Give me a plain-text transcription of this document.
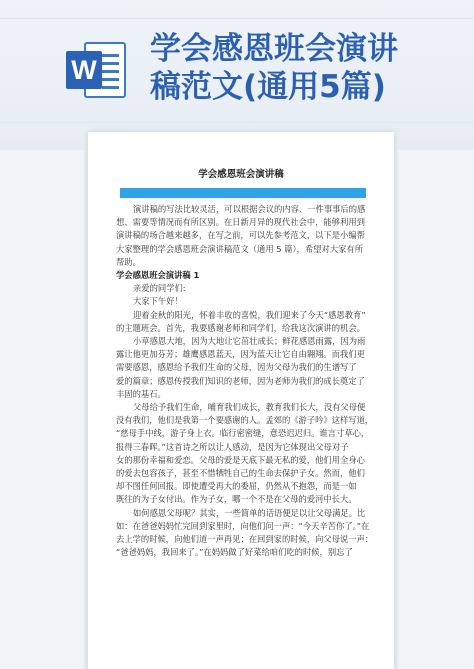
W
学会感恩班会演讲
稿范文(通用5篇)
学会感恩班会演讲稿

演讲稿的写法比较灵活，可以根据会议的内容、一件事事后的感
想、需要等情况而有所区别。在日新月异的现代社会中，能够利用到
演讲稿的场合越来越多，在写之前，可以先参考范文，以下是小编帮
大家整理的学会感恩班会演讲稿范文（通用 5 篇），希望对大家有所
帮助。

学会感恩班会演讲稿 1

亲爱的同学们:

大家下午好！

迎着金秋的阳光，怀着丰收的喜悦，我们迎来了今天“感恩教育”
的主题班会。首先，我要感谢老师和同学们，给我这次演讲的机会。

小草感恩大地，因为大地让它茁壮成长；鲜花感恩雨露，因为雨
露让他更加芬芳；雄鹰感恩蓝天，因为蓝天让它自由翱翔。而我们更
需要感恩，感恩给予我们生命的父母，因为父母为我们的生谱写了
爱的篇章；感恩传授我们知识的老师，因为老师为我们的成长奠定了
丰固的基石。

父母给予我们生命，哺育我们成长，教育我们长大，没有父母便
没有我们，他们是我第一个要感谢的人。孟郊的《游子吟》这样写道，
“慈母手中线，游子身上衣。临行密密缝，意恐迟迟归。谁言寸草心，
报得三春晖。”这首诗之所以让人感动，是因为它体现出父母对子
女的那份幸福和爱恋。父母的爱是天底下最无私的爱，他们用全身心
的爱去包容孩子，甚至不惜牺牲自己的生命去保护子女。然而，他们
却不图任何回报。即使遭受再大的委屈，仍然从不抱怨，而是一如
既往的为子女付出。作为子女，哪一个不是在父母的爱河中长大。

如何感恩父母呢？其实，一些简单的话语便足以让父母满足。比
如：在爸爸妈妈忙完回到家里时，向他们问一声：“今天辛苦你了。”在
去上学的时候，向他们道一声再见；在回到家的时候，向父母说一声：
“爸爸妈妈，我回来了。”在妈妈做了好菜给咱们吃的时候，别忘了
